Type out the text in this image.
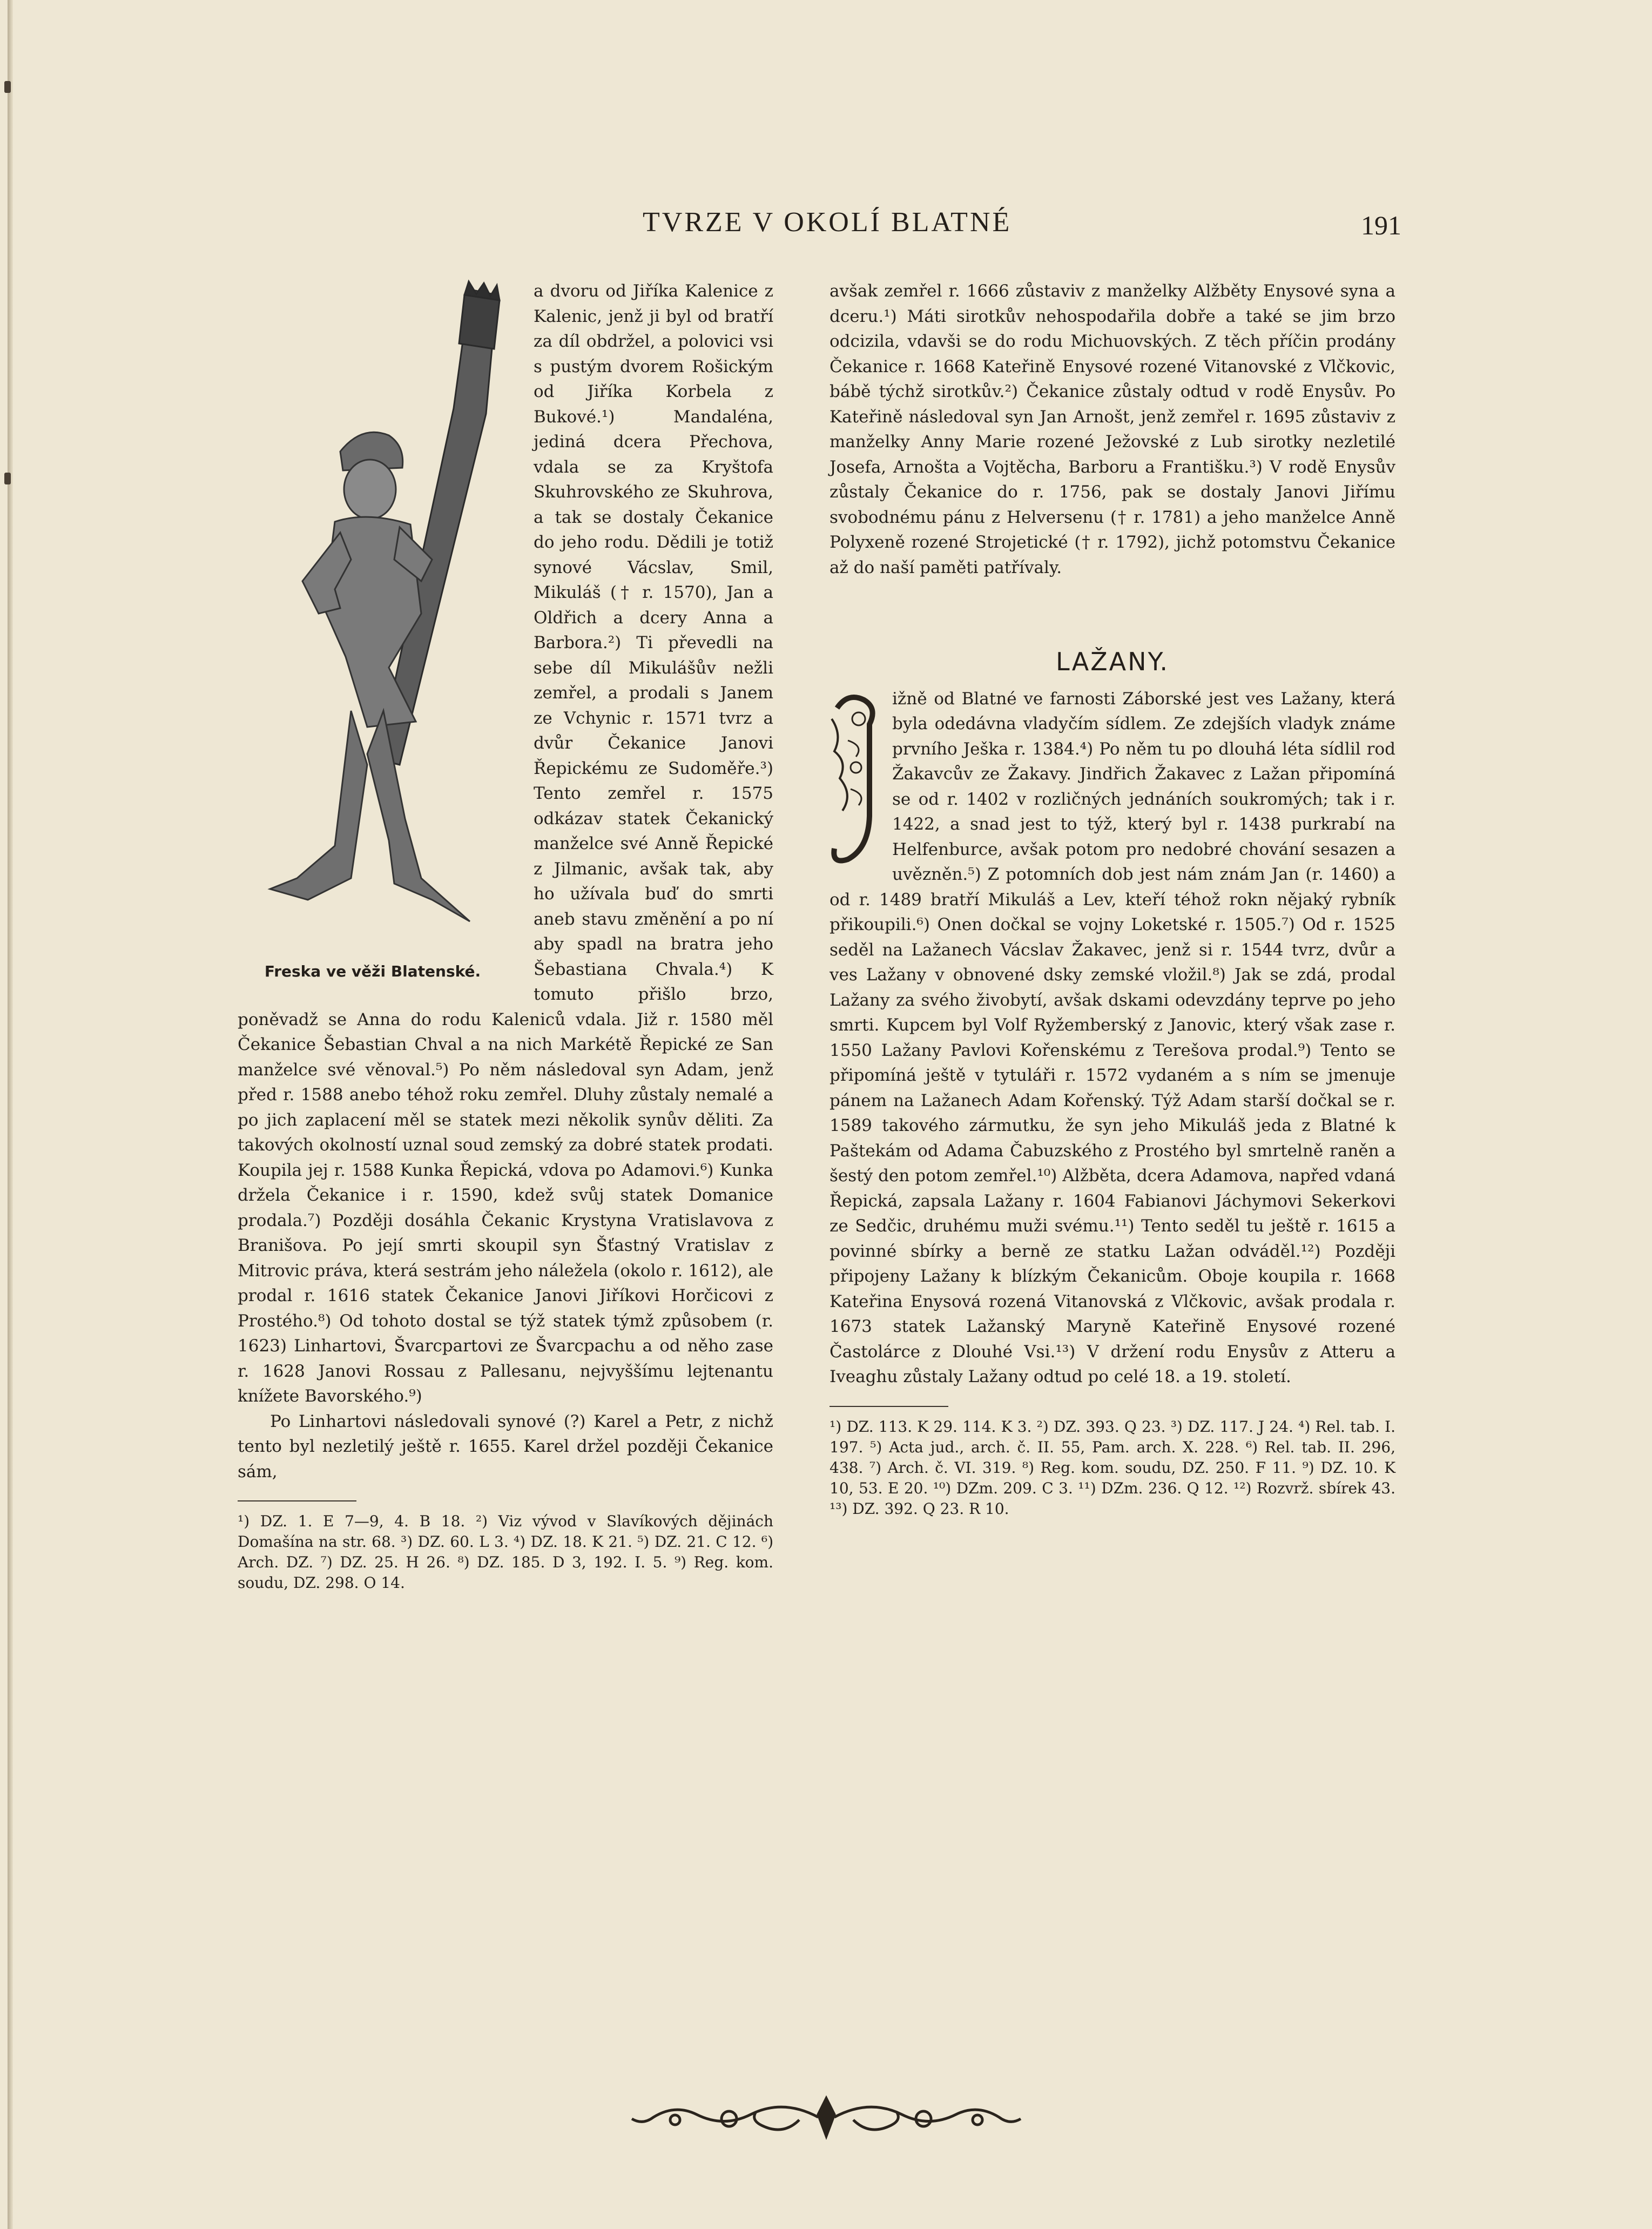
TVRZE V OKOLÍ BLATNÉ	191
Freska ve věži Blatenské.

a dvoru od Jiříka Kalenice z Kalenic, jenž ji byl od bratří za díl obdržel, a polovici vsi s pustým dvorem Rošickým od Jiříka Korbela z Bukové.¹) Mandaléna, jediná dcera Přechova, vdala se za Kryštofa Skuhrovského ze Skuhrova, a tak se dostaly Čekanice do jeho rodu. Dědili je totiž synové Vácslav, Smil, Mikuláš († r. 1570), Jan a Oldřich a dcery Anna a Barbora.²) Ti převedli na sebe díl Mikulášův nežli zemřel, a prodali s Janem ze Vchynic r. 1571 tvrz a dvůr Čekanice Janovi Řepickému ze Sudoměře.³) Tento zemřel r. 1575 odkázav statek Čekanický manželce své Anně Řepické z Jilmanic, avšak tak, aby ho užívala buď do smrti aneb stavu změnění a po ní aby spadl na bratra jeho Šebastiana Chvala.⁴) K tomuto přišlo brzo, poněvadž se Anna do rodu Kaleniců vdala. Již r. 1580 měl Čekanice Šebastian Chval a na nich Markétě Řepické ze San manželce své věnoval.⁵) Po něm následoval syn Adam, jenž před r. 1588 anebo téhož roku zemřel. Dluhy zůstaly nemalé a po jich zaplacení měl se statek mezi několik synův děliti. Za takových okolností uznal soud zemský za dobré statek prodati. Koupila jej r. 1588 Kunka Řepická, vdova po Adamovi.⁶) Kunka držela Čekanice i r. 1590, kdež svůj statek Domanice prodala.⁷) Později dosáhla Čekanic Krystyna Vratislavova z Branišova. Po její smrti skoupil syn Šťastný Vratislav z Mitrovic práva, která sestrám jeho náležela (okolo r. 1612), ale prodal r. 1616 statek Čekanice Janovi Jiříkovi Horčicovi z Prostého.⁸) Od tohoto dostal se týž statek týmž způsobem (r. 1623) Linhartovi, Švarcpartovi ze Švarcpachu a od něho zase r. 1628 Janovi Rossau z Pallesanu, nejvyššímu lejtenantu knížete Bavorského.⁹)

Po Linhartovi následovali synové (?) Karel a Petr, z nichž tento byl nezletilý ještě r. 1655. Karel držel později Čekanice sám,

¹) DZ. 1. E 7—9, 4. B 18. ²) Viz vývod v Slavíkových dějinách Domašína na str. 68. ³) DZ. 60. L 3. ⁴) DZ. 18. K 21. ⁵) DZ. 21. C 12. ⁶) Arch. DZ. ⁷) DZ. 25. H 26. ⁸) DZ. 185. D 3, 192. I. 5. ⁹) Reg. kom. soudu, DZ. 298. O 14.

avšak zemřel r. 1666 zůstaviv z manželky Alžběty Enysové syna a dceru.¹) Máti sirotkův nehospodařila dobře a také se jim brzo odcizila, vdavši se do rodu Michuovských. Z těch příčin prodány Čekanice r. 1668 Kateřině Enysové rozené Vitanovské z Vlčkovic, bábě týchž sirotkův.²) Čekanice zůstaly odtud v rodě Enysův. Po Kateřině následoval syn Jan Arnošt, jenž zemřel r. 1695 zůstaviv z manželky Anny Marie rozené Ježovské z Lub sirotky nezletilé Josefa, Arnošta a Vojtěcha, Barboru a Františku.³) V rodě Enysův zůstaly Čekanice do r. 1756, pak se dostaly Janovi Jiřímu svobodnému pánu z Helversenu († r. 1781) a jeho manželce Anně Polyxeně rozené Strojetické († r. 1792), jichž potomstvu Čekanice až do naší paměti patřívaly.

LAŽANY.

ižně od Blatné ve farnosti Záborské jest ves Lažany, která byla odedávna vladyčím sídlem. Ze zdejších vladyk známe prvního Ješka r. 1384.⁴) Po něm tu po dlouhá léta sídlil rod Žakavcův ze Žakavy. Jindřich Žakavec z Lažan připomíná se od r. 1402 v rozličných jednáních soukromých; tak i r. 1422, a snad jest to týž, který byl r. 1438 purkrabí na Helfenburce, avšak potom pro nedobré chování sesazen a uvězněn.⁵) Z potomních dob jest nám znám Jan (r. 1460) a od r. 1489 bratří Mikuláš a Lev, kteří téhož rokn nějaký rybník přikoupili.⁶) Onen dočkal se vojny Loketské r. 1505.⁷) Od r. 1525 seděl na Lažanech Vácslav Žakavec, jenž si r. 1544 tvrz, dvůr a ves Lažany v obnovené dsky zemské vložil.⁸) Jak se zdá, prodal Lažany za svého živobytí, avšak dskami odevzdány teprve po jeho smrti. Kupcem byl Volf Ryžemberský z Janovic, který však zase r. 1550 Lažany Pavlovi Kořenskému z Terešova prodal.⁹) Tento se připomíná ještě v tytuláři r. 1572 vydaném a s ním se jmenuje pánem na Lažanech Adam Kořenský. Týž Adam starší dočkal se r. 1589 takového zármutku, že syn jeho Mikuláš jeda z Blatné k Paštekám od Adama Čabuzského z Prostého byl smrtelně raněn a šestý den potom zemřel.¹⁰) Alžběta, dcera Adamova, napřed vdaná Řepická, zapsala Lažany r. 1604 Fabianovi Jáchymovi Sekerkovi ze Sedčic, druhému muži svému.¹¹) Tento seděl tu ještě r. 1615 a povinné sbírky a berně ze statku Lažan odváděl.¹²) Později připojeny Lažany k blízkým Čekanicům. Oboje koupila r. 1668 Kateřina Enysová rozená Vitanovská z Vlčkovic, avšak prodala r. 1673 statek Lažanský Maryně Kateřině Enysové rozené Častolárce z Dlouhé Vsi.¹³) V držení rodu Enysův z Atteru a Iveaghu zůstaly Lažany odtud po celé 18. a 19. století.

¹) DZ. 113. K 29. 114. K 3. ²) DZ. 393. Q 23. ³) DZ. 117. J 24. ⁴) Rel. tab. I. 197. ⁵) Acta jud., arch. č. II. 55, Pam. arch. X. 228. ⁶) Rel. tab. II. 296, 438. ⁷) Arch. č. VI. 319. ⁸) Reg. kom. soudu, DZ. 250. F 11. ⁹) DZ. 10. K 10, 53. E 20. ¹⁰) DZm. 209. C 3. ¹¹) DZm. 236. Q 12. ¹²) Rozvrž. sbírek 43. ¹³) DZ. 392. Q 23. R 10.
